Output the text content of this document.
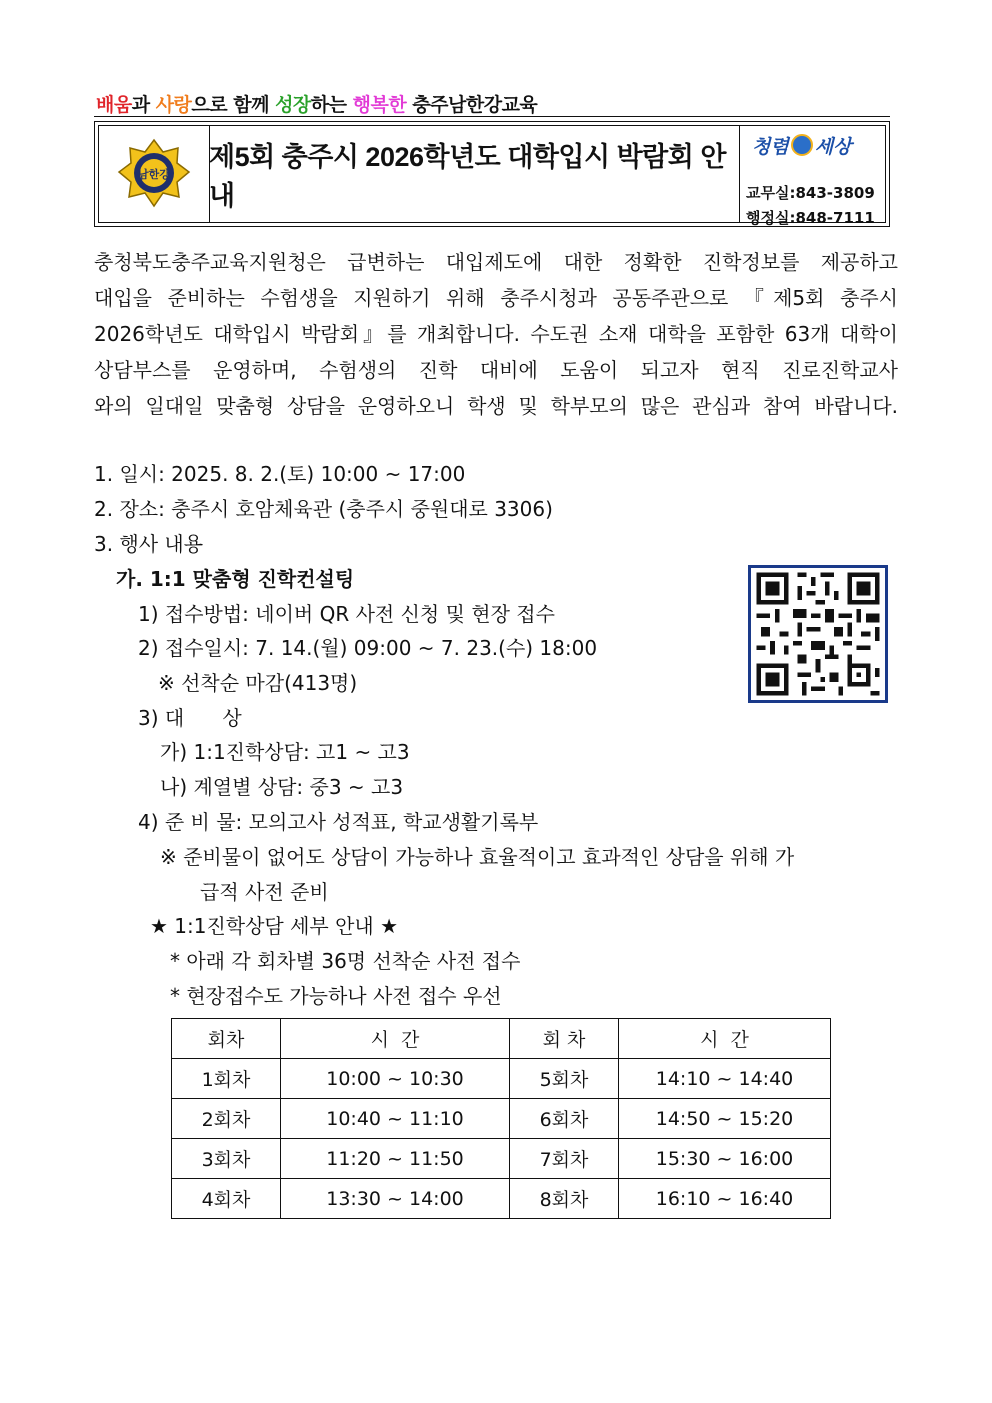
배움과 사랑으로 함께 성장하는 행복한 충주남한강교육
남한강
제5회 충주시 2026학년도 대학입시 박람회 안내
청렴 세상
교무실:843-3809
행정실:848-7111
충청북도충주교육지원청은 급변하는 대입제도에 대한 정확한 진학정보를 제공하고
대입을 준비하는 수험생을 지원하기 위해 충주시청과 공동주관으로 『제5회 충주시
2026학년도 대학입시 박람회』를 개최합니다. 수도권 소재 대학을 포함한 63개 대학이
상담부스를 운영하며, 수험생의 진학 대비에 도움이 되고자 현직 진로진학교사
와의 일대일 맞춤형 상담을 운영하오니 학생 및 학부모의 많은 관심과 참여 바랍니다.
1. 일시: 2025. 8. 2.(토) 10:00 ~ 17:00
2. 장소: 충주시 호암체육관 (충주시 중원대로 3306)
3. 행사 내용
가. 1:1 맞춤형 진학컨설팅
1) 접수방법: 네이버 QR 사전 신청 및 현장 접수
2) 접수일시: 7. 14.(월) 09:00 ~ 7. 23.(수) 18:00
※ 선착순 마감(413명)
3) 대      상
가) 1:1진학상담: 고1 ~ 고3
나) 계열별 상담: 중3 ~ 고3
4) 준 비 물: 모의고사 성적표, 학교생활기록부
※ 준비물이 없어도 상담이 가능하나 효율적이고 효과적인 상담을 위해 가
급적 사전 준비
★ 1:1진학상담 세부 안내 ★
* 아래 각 회차별 36명 선착순 사전 접수
* 현장접수도 가능하나 사전 접수 우선
회차	시  간	회 차	시  간
1회차	10:00 ~ 10:30	5회차	14:10 ~ 14:40
2회차	10:40 ~ 11:10	6회차	14:50 ~ 15:20
3회차	11:20 ~ 11:50	7회차	15:30 ~ 16:00
4회차	13:30 ~ 14:00	8회차	16:10 ~ 16:40
